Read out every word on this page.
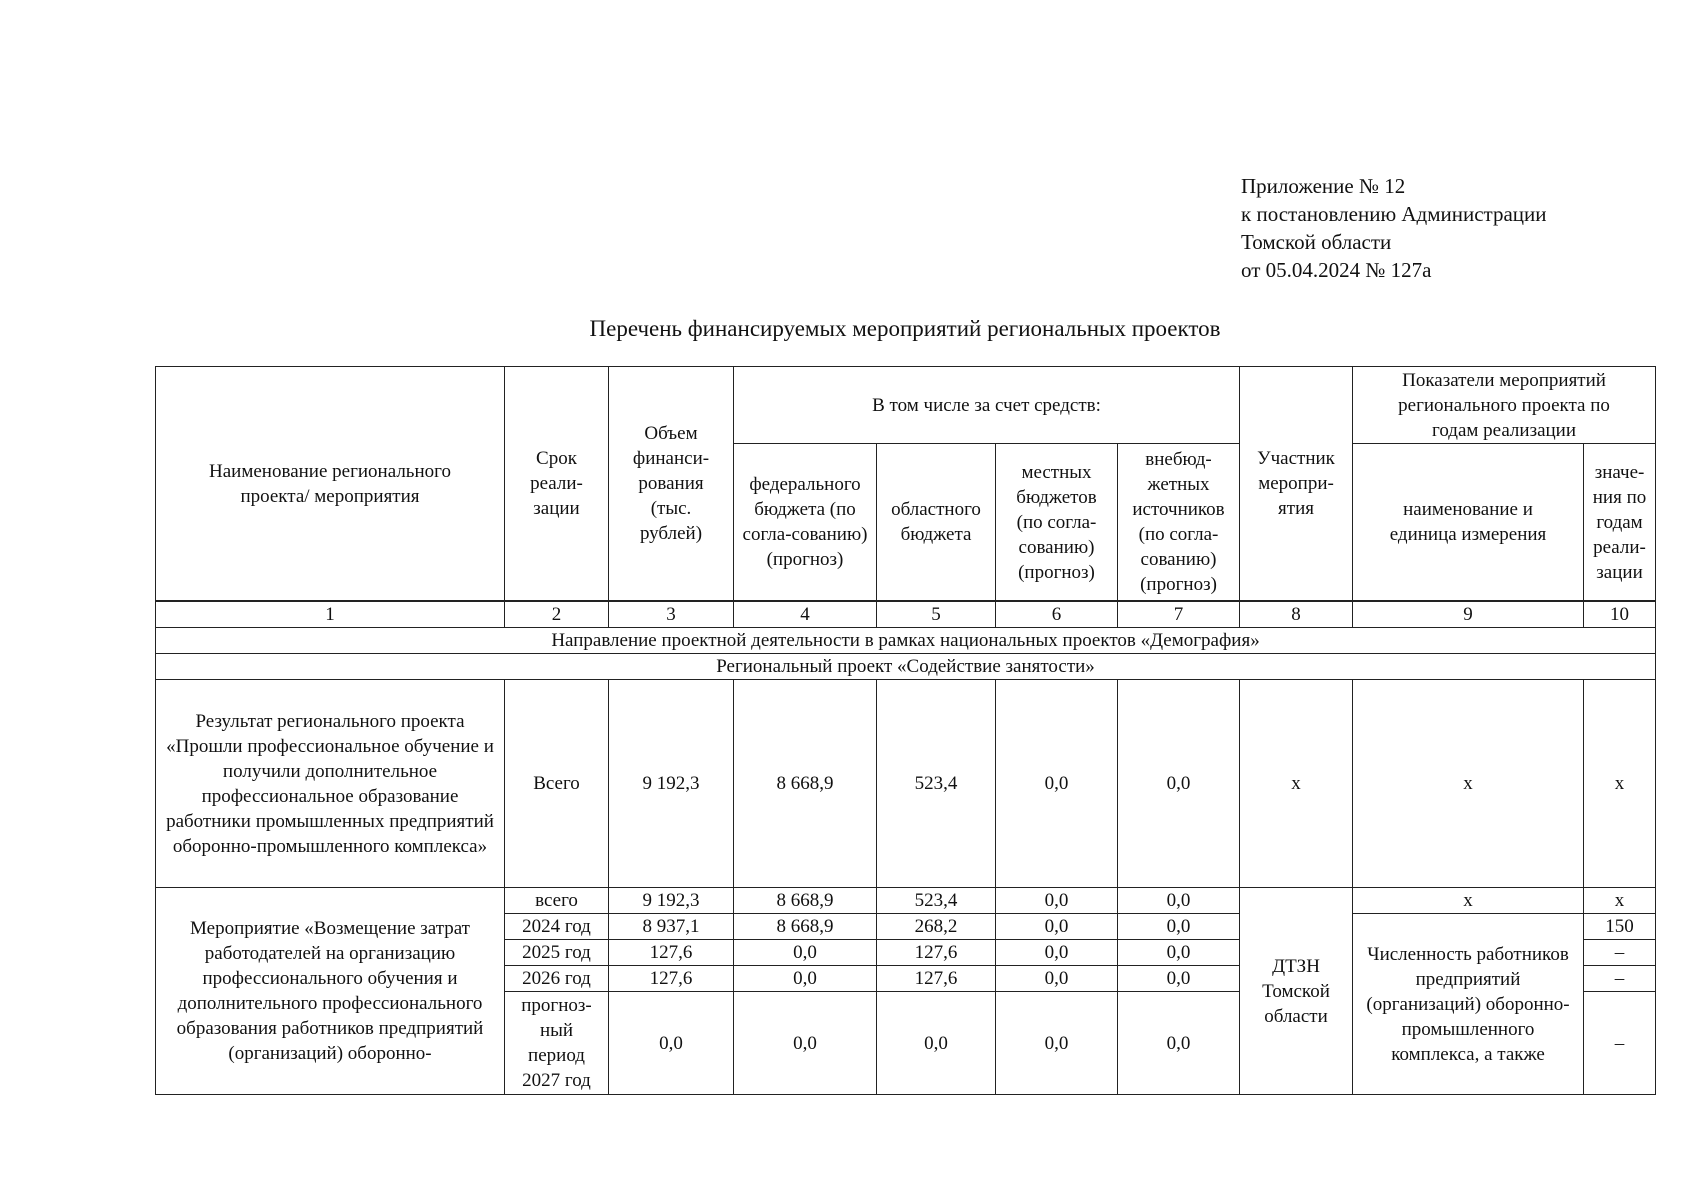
Приложение № 12
к постановлению Администрации
Томской области
от 05.04.2024 № 127а
Перечень финансируемых мероприятий региональных проектов
Наименование регионального проекта/ мероприятия	Срок реали-зации	Объем финанси-рования (тыс. рублей)	В том числе за счет средств:				Участник меропри-ятия	Показатели мероприятий регионального проекта по годам реализации	
			федерального бюджета (по согла-сованию) (прогноз)	областного бюджета	местных бюджетов (по согла-сованию) (прогноз)	внебюд-жетных источников (по согла-сованию) (прогноз)		наименование и единица измерения	значе-ния по годам реали-зации
1	2	3	4	5	6	7	8	9	10
Направление проектной деятельности в рамках национальных проектов «Демография»									
Региональный проект «Содействие занятости»									
Результат регионального проекта «Прошли профессиональное обучение и получили дополнительное профессиональное образование работники промышленных предприятий оборонно-промышленного комплекса»	Всего	9 192,3	8 668,9	523,4	0,0	0,0	x	x	x
Мероприятие «Возмещение затрат работодателей на организацию профессионального обучения и дополнительного профессионального образования работников предприятий (организаций) оборонно-	всего	9 192,3	8 668,9	523,4	0,0	0,0	ДТЗН Томской области	x	x
	2024 год	8 937,1	8 668,9	268,2	0,0	0,0		Численность работников предприятий (организаций) оборонно-промышленного комплекса, а также	150
	2025 год	127,6	0,0	127,6	0,0	0,0			–
	2026 год	127,6	0,0	127,6	0,0	0,0			–
	прогноз-ный период 2027 год	0,0	0,0	0,0	0,0	0,0			–
